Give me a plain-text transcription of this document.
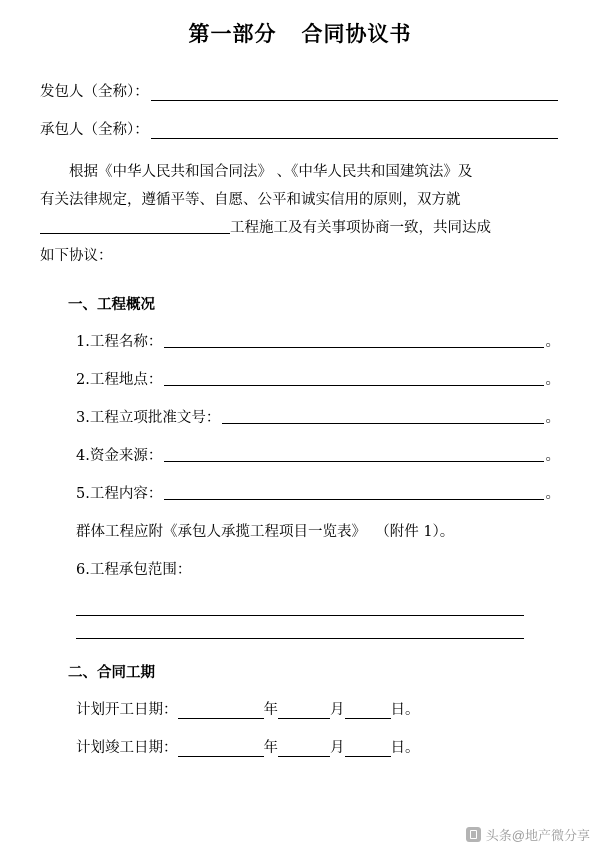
第一部分   合同协议书
发包人（全称）：
承包人（全称）：

根据《中华人民共和国合同法》 、《中华人民共和国建筑法》及

有关法律规定，遵循平等、自愿、公平和诚实信用的原则，双方就

工程施工及有关事项协商一致，共同达成

如下协议：

一、工程概况
1.工程名称：	。
2.工程地点：	。
3.工程立项批准文号：	。
4.资金来源：	。
5.工程内容：	。
群体工程应附《承包人承揽工程项目一览表》  （附件 1）。
6.工程承包范围：
二、合同工期
计划开工日期：	年	月	日。
计划竣工日期：	年	月	日。
头条@地产微分享
